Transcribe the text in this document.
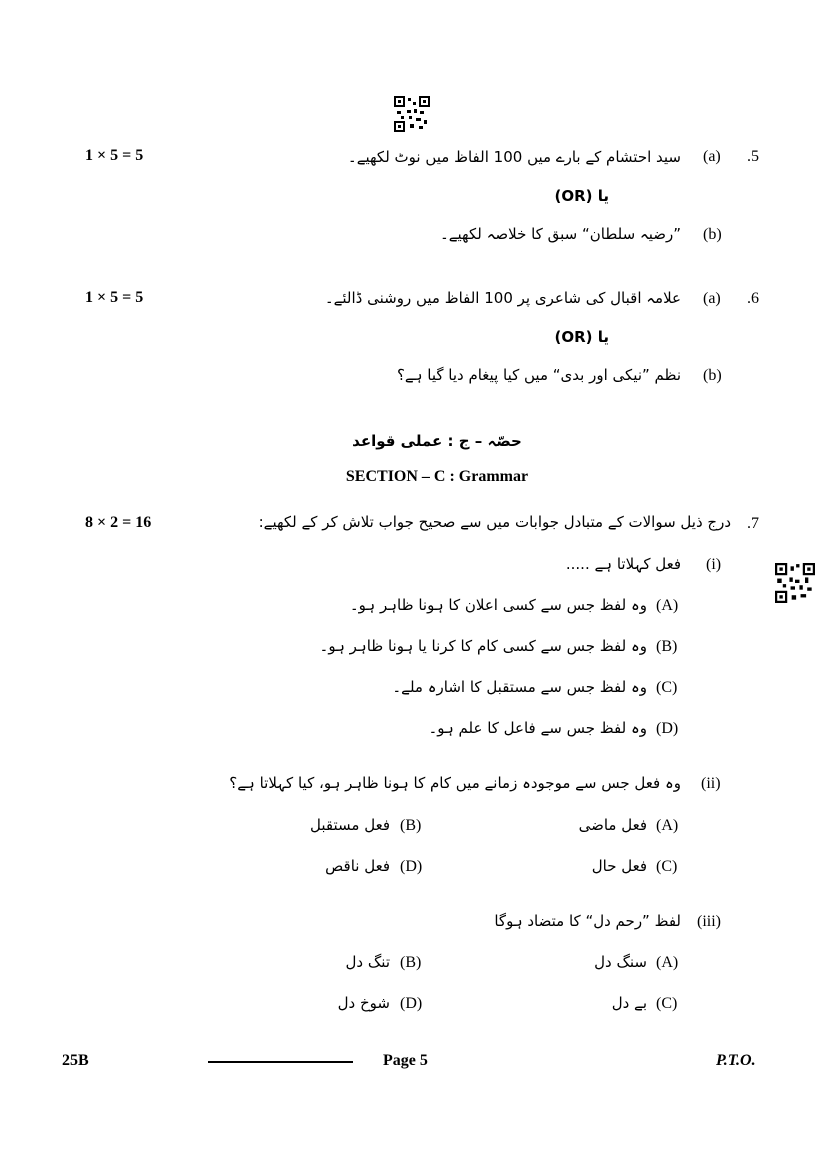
1 × 5 = 5	.5
(a)
سید احتشام کے بارے میں 100 الفاظ میں نوٹ لکھیے۔
یا (OR)
(b)
”رضیہ سلطان“ سبق کا خلاصہ لکھیے۔
1 × 5 = 5	.6
(a)
علامہ اقبال کی شاعری پر 100 الفاظ میں روشنی ڈالئے۔
یا (OR)
(b)
نظم ”نیکی اور بدی“ میں کیا پیغام دیا گیا ہے؟
حصّہ – ج : عملی قواعد
SECTION – C : Grammar
8 × 2 = 16	.7
درج ذیل سوالات کے متبادل جوابات میں سے صحیح جواب تلاش کر کے لکھیے:
(i)
فعل کہلاتا ہے .....
(A)
وہ لفظ جس سے کسی اعلان کا ہونا ظاہر ہو۔
(B)
وہ لفظ جس سے کسی کام کا کرنا یا ہونا ظاہر ہو۔
(C)
وہ لفظ جس سے مستقبل کا اشارہ ملے۔
(D)
وہ لفظ جس سے فاعل کا علم ہو۔
(ii)
وہ فعل جس سے موجودہ زمانے میں کام کا ہونا ظاہر ہو، کیا کہلاتا ہے؟
(A)
فعل ماضی
(B)
فعل مستقبل
(C)
فعل حال
(D)
فعل ناقص
(iii)
لفظ ”رحم دل“ کا متضاد ہوگا
(A)
سنگ دل
(B)
تنگ دل
(C)
بے دل
(D)
شوخ دل
25B	Page 5	P.T.O.
